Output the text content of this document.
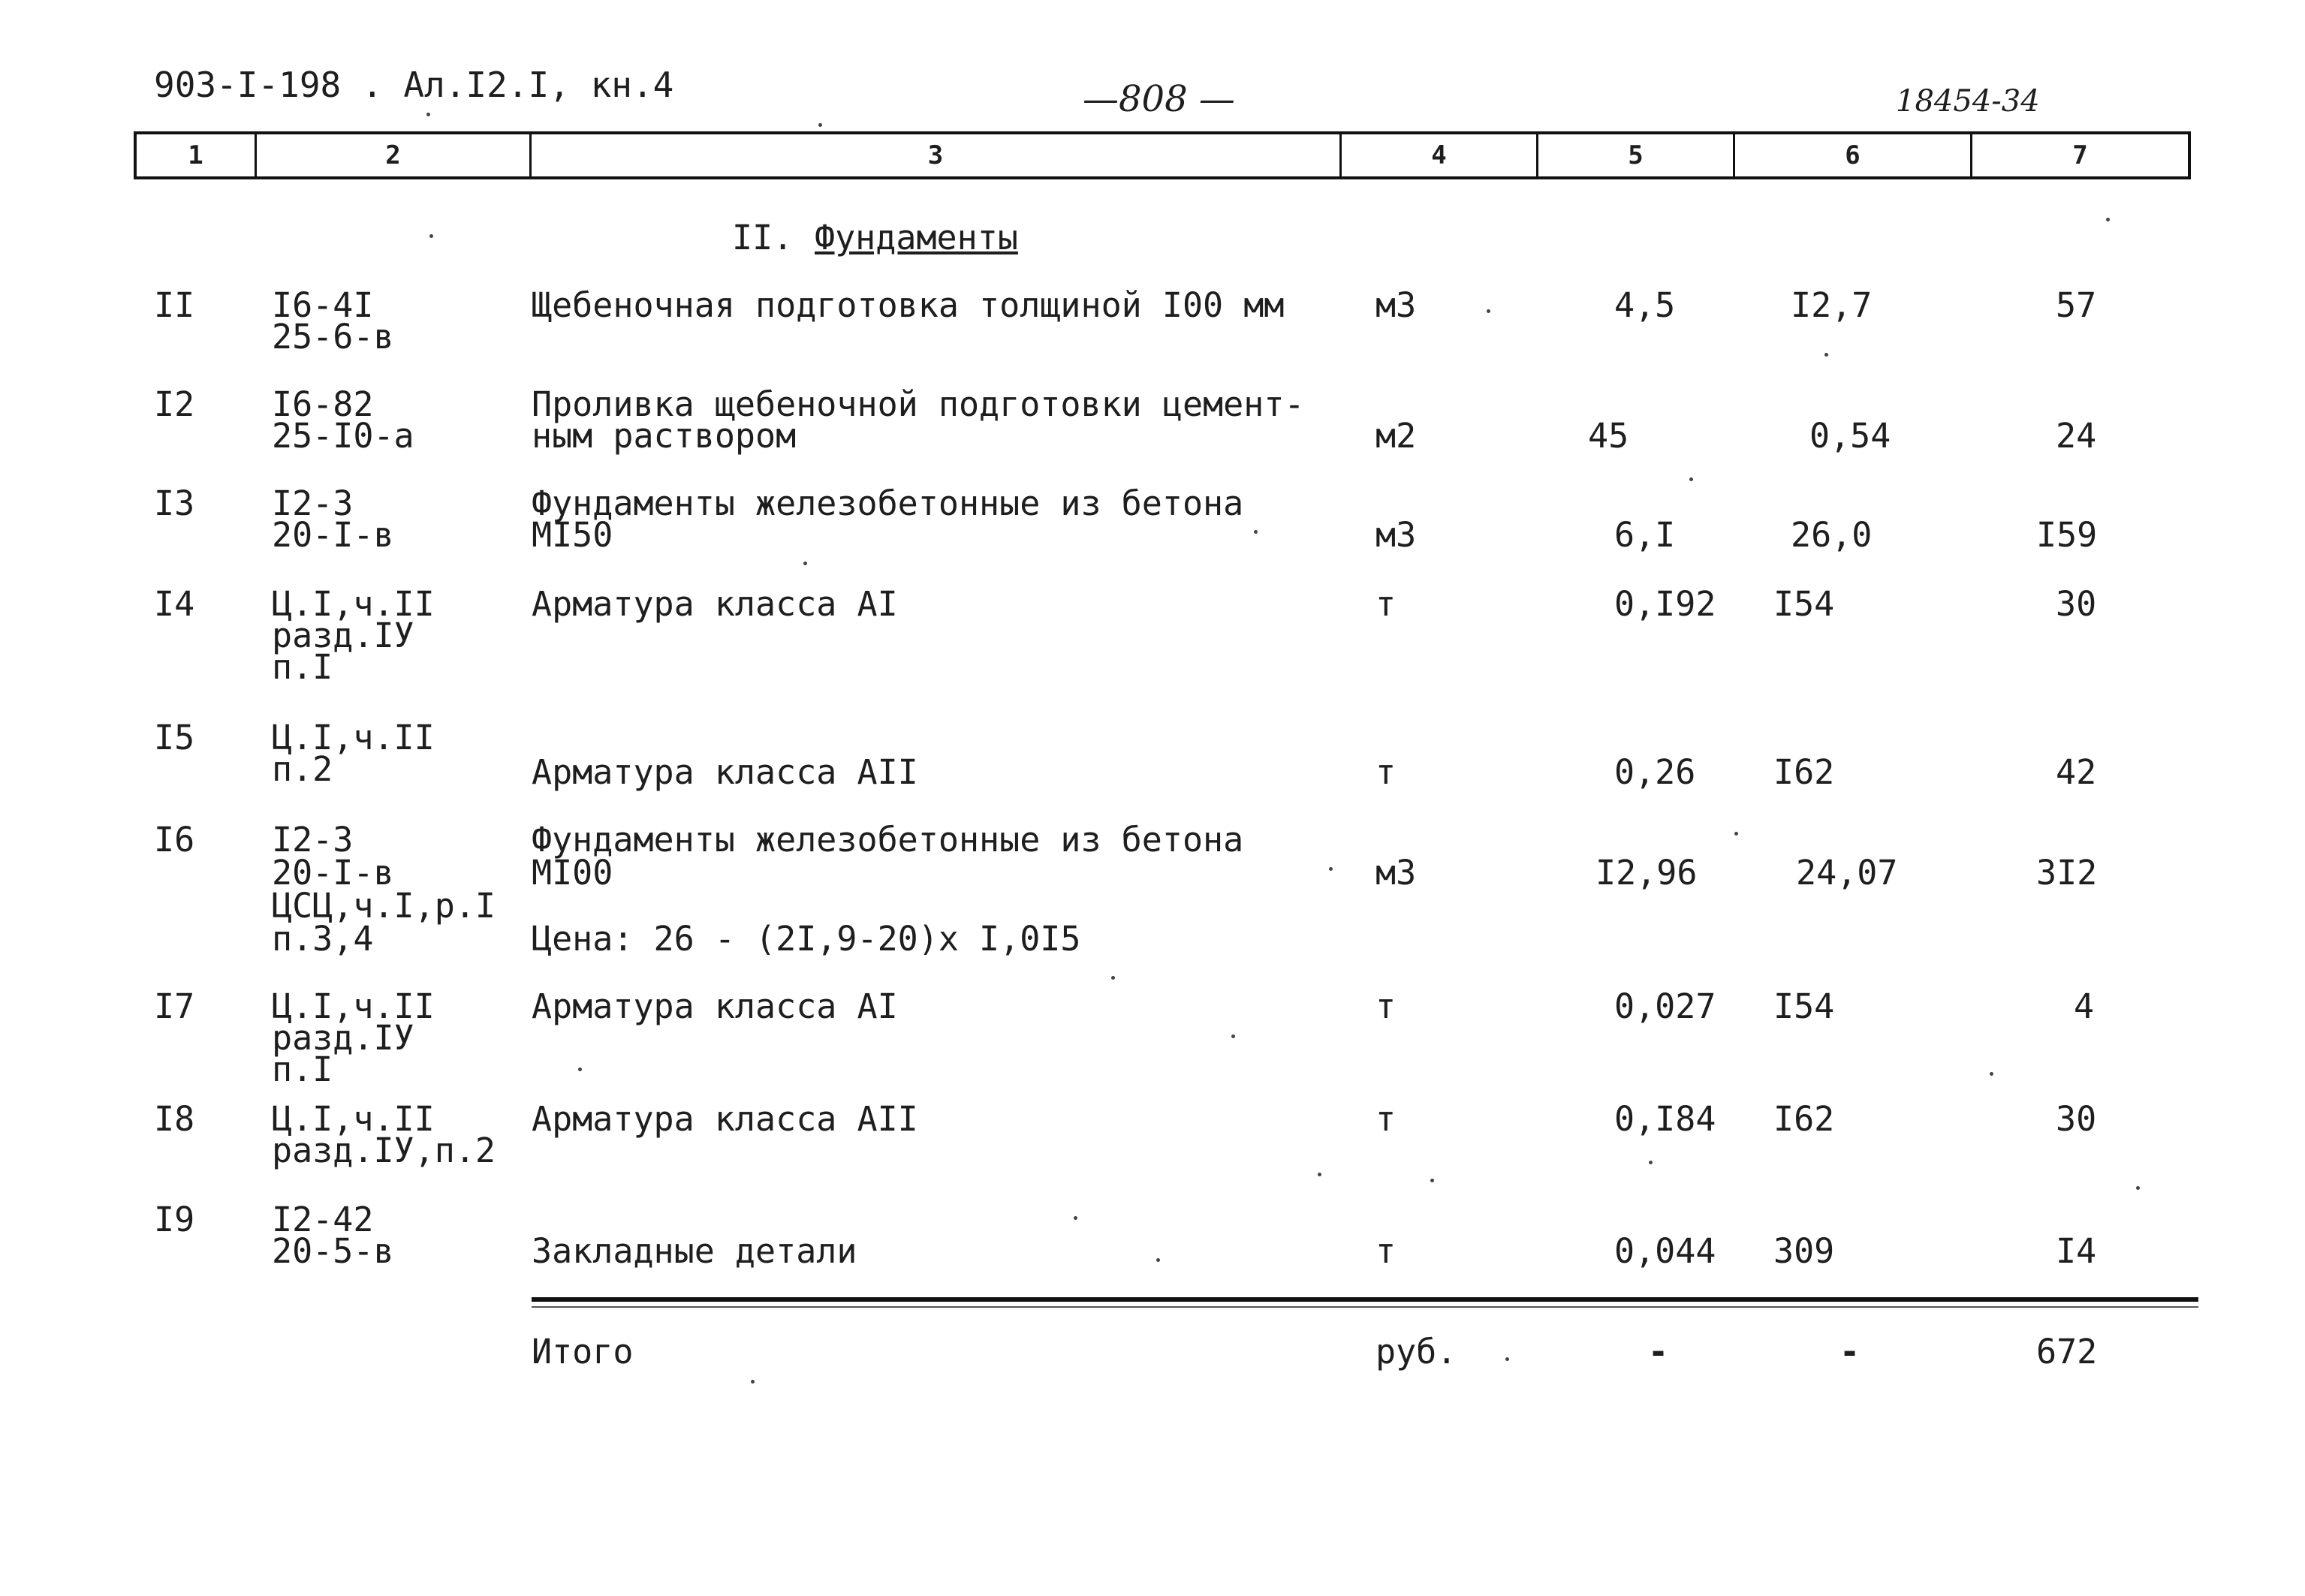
903-I-198 . Ал.I2.I, кн.4	—808 —	18454-34
1	2	3	4	5	6	7
II. Фундаменты
II I6-4I
25-6-в
Щебеночная подготовка толщиной I00 мм	м3	4,5	I2,7	57
I2 I6-82
25-I0-а
Проливка щебеночной подготовки цемент-
ным раствором	м2	45	0,54	24
I3 I2-3
20-I-в
Фундаменты железобетонные из бетона
МI50	м3	6,I	26,0	I59
I4 Ц.I,ч.II
разд.IУ
п.I
Арматура класса АI	т	0,I92 I54	30
I5 Ц.I,ч.II
п.2	Арматура класса АII	т	0,26 I62	42
I6 I2-3
20-I-в
ЦСЦ,ч.I,р.I
п.3,4
Фундаменты железобетонные из бетона
МI00
Цена: 26 - (2I,9-20)х I,0I5
м3	I2,96	24,07	3I2
I7 Ц.I,ч.II
разд.IУ
п.I
Арматура класса АI	т	0,027 I54	4
I8 Ц.I,ч.II
разд.IУ,п.2
Арматура класса АII	т	0,I84 I62	30
I9 I2-42
20-5-в	Закладные детали	т	0,044 309	I4
Итого	руб.	-	-	672
